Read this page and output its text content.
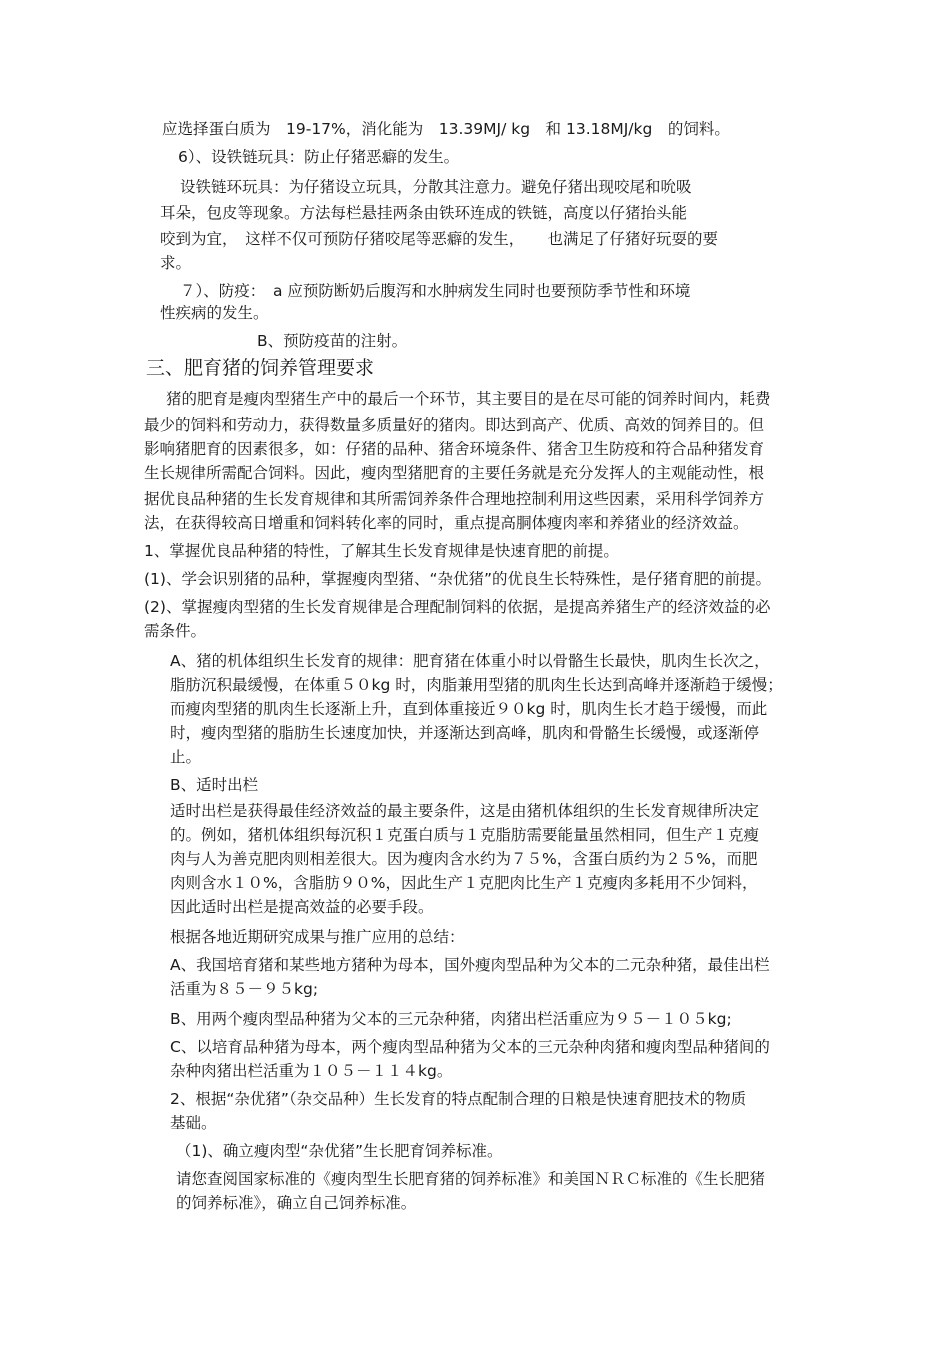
应选择蛋白质为　19-17%，消化能为　13.39MJ/ kg　和 13.18MJ/kg　的饲料。
6）、设铁链玩具：防止仔猪恶癖的发生。
设铁链环玩具：为仔猪设立玩具，分散其注意力。避免仔猪出现咬尾和吮吸
耳朵，包皮等现象。方法每栏悬挂两条由铁环连成的铁链，高度以仔猪抬头能
咬到为宜，　这样不仅可预防仔猪咬尾等恶癖的发生，　　也满足了仔猪好玩耍的要
求。
７）、防疫：　a 应预防断奶后腹泻和水肿病发生同时也要预防季节性和环境
性疾病的发生。
B、预防疫苗的注射。
三、肥育猪的饲养管理要求
猪的肥育是瘦肉型猪生产中的最后一个环节，其主要目的是在尽可能的饲养时间内，耗费
最少的饲料和劳动力，获得数量多质量好的猪肉。即达到高产、优质、高效的饲养目的。但
影响猪肥育的因素很多，如：仔猪的品种、猪舍环境条件、猪舍卫生防疫和符合品种猪发育
生长规律所需配合饲料。因此，瘦肉型猪肥育的主要任务就是充分发挥人的主观能动性，根
据优良品种猪的生长发育规律和其所需饲养条件合理地控制利用这些因素，采用科学饲养方
法，在获得较高日增重和饲料转化率的同时，重点提高胴体瘦肉率和养猪业的经济效益。
1、掌握优良品种猪的特性，了解其生长发育规律是快速育肥的前提。
(1)、学会识别猪的品种，掌握瘦肉型猪、“杂优猪”的优良生长特殊性，是仔猪育肥的前提。
(2)、掌握瘦肉型猪的生长发育规律是合理配制饲料的依据，是提高养猪生产的经济效益的必
需条件。
A、猪的机体组织生长发育的规律：肥育猪在体重小时以骨骼生长最快，肌肉生长次之，
脂肪沉积最缓慢，在体重５０kg 时，肉脂兼用型猪的肌肉生长达到高峰并逐渐趋于缓慢；
而瘦肉型猪的肌肉生长逐渐上升，直到体重接近９０kg 时，肌肉生长才趋于缓慢，而此
时，瘦肉型猪的脂肪生长速度加快，并逐渐达到高峰，肌肉和骨骼生长缓慢，或逐渐停
止。
B、适时出栏
适时出栏是获得最佳经济效益的最主要条件，这是由猪机体组织的生长发育规律所决定
的。例如，猪机体组织每沉积１克蛋白质与１克脂肪需要能量虽然相同，但生产１克瘦
肉与人为善克肥肉则相差很大。因为瘦肉含水约为７５%，含蛋白质约为２５%，而肥
肉则含水１０%，含脂肪９０%，因此生产１克肥肉比生产１克瘦肉多耗用不少饲料，
因此适时出栏是提高效益的必要手段。
根据各地近期研究成果与推广应用的总结：
A、我国培育猪和某些地方猪种为母本，国外瘦肉型品种为父本的二元杂种猪，最佳出栏
活重为８５－９５kg;
B、用两个瘦肉型品种猪为父本的三元杂种猪，肉猪出栏活重应为９５－１０５kg;
C、以培育品种猪为母本，两个瘦肉型品种猪为父本的三元杂种肉猪和瘦肉型品种猪间的
杂种肉猪出栏活重为１０５－１１４kg。
2、根据“杂优猪”（杂交品种）生长发育的特点配制合理的日粮是快速育肥技术的物质
基础。
（1)、确立瘦肉型“杂优猪”生长肥育饲养标准。
请您查阅国家标准的《瘦肉型生长肥育猪的饲养标准》和美国ＮＲＣ标准的《生长肥猪
的饲养标准》，确立自己饲养标准。
